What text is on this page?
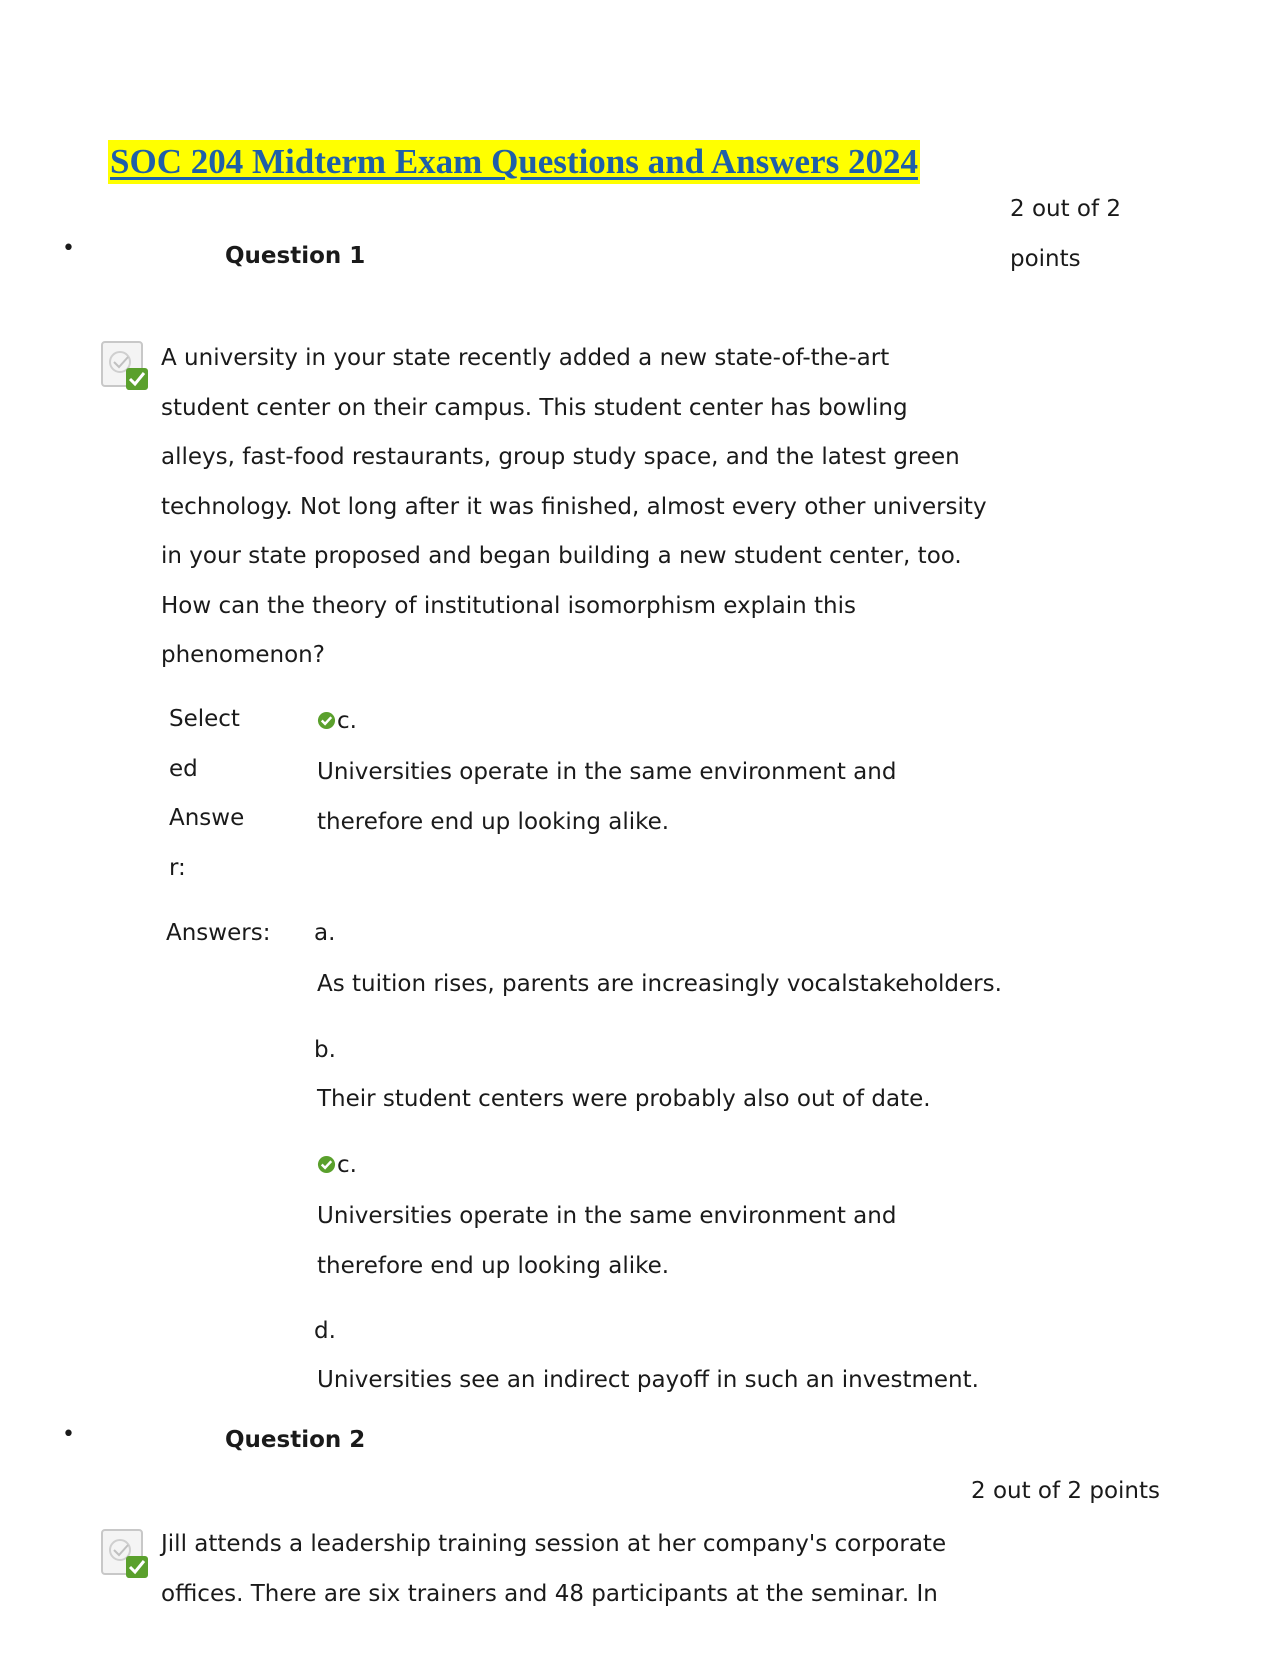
SOC 204 Midterm Exam Questions and Answers 2024
•	Question 1
2 out of 2
points
A university in your state recently added a new state-of-the-art
student center on their campus. This student center has bowling
alleys, fast-food restaurants, group study space, and the latest green
technology. Not long after it was finished, almost every other university
in your state proposed and began building a new student center, too.
How can the theory of institutional isomorphism explain this
phenomenon?
Select
ed
Answe
r:
c.
Universities operate in the same environment and
therefore end up looking alike.
Answers: a.
As tuition rises, parents are increasingly vocalstakeholders.
b.
Their student centers were probably also out of date.
c.
Universities operate in the same environment and
therefore end up looking alike.
d.
Universities see an indirect payoff in such an investment.
•	Question 2
2 out of 2 points
Jill attends a leadership training session at her company's corporate
offices. There are six trainers and 48 participants at the seminar. In
